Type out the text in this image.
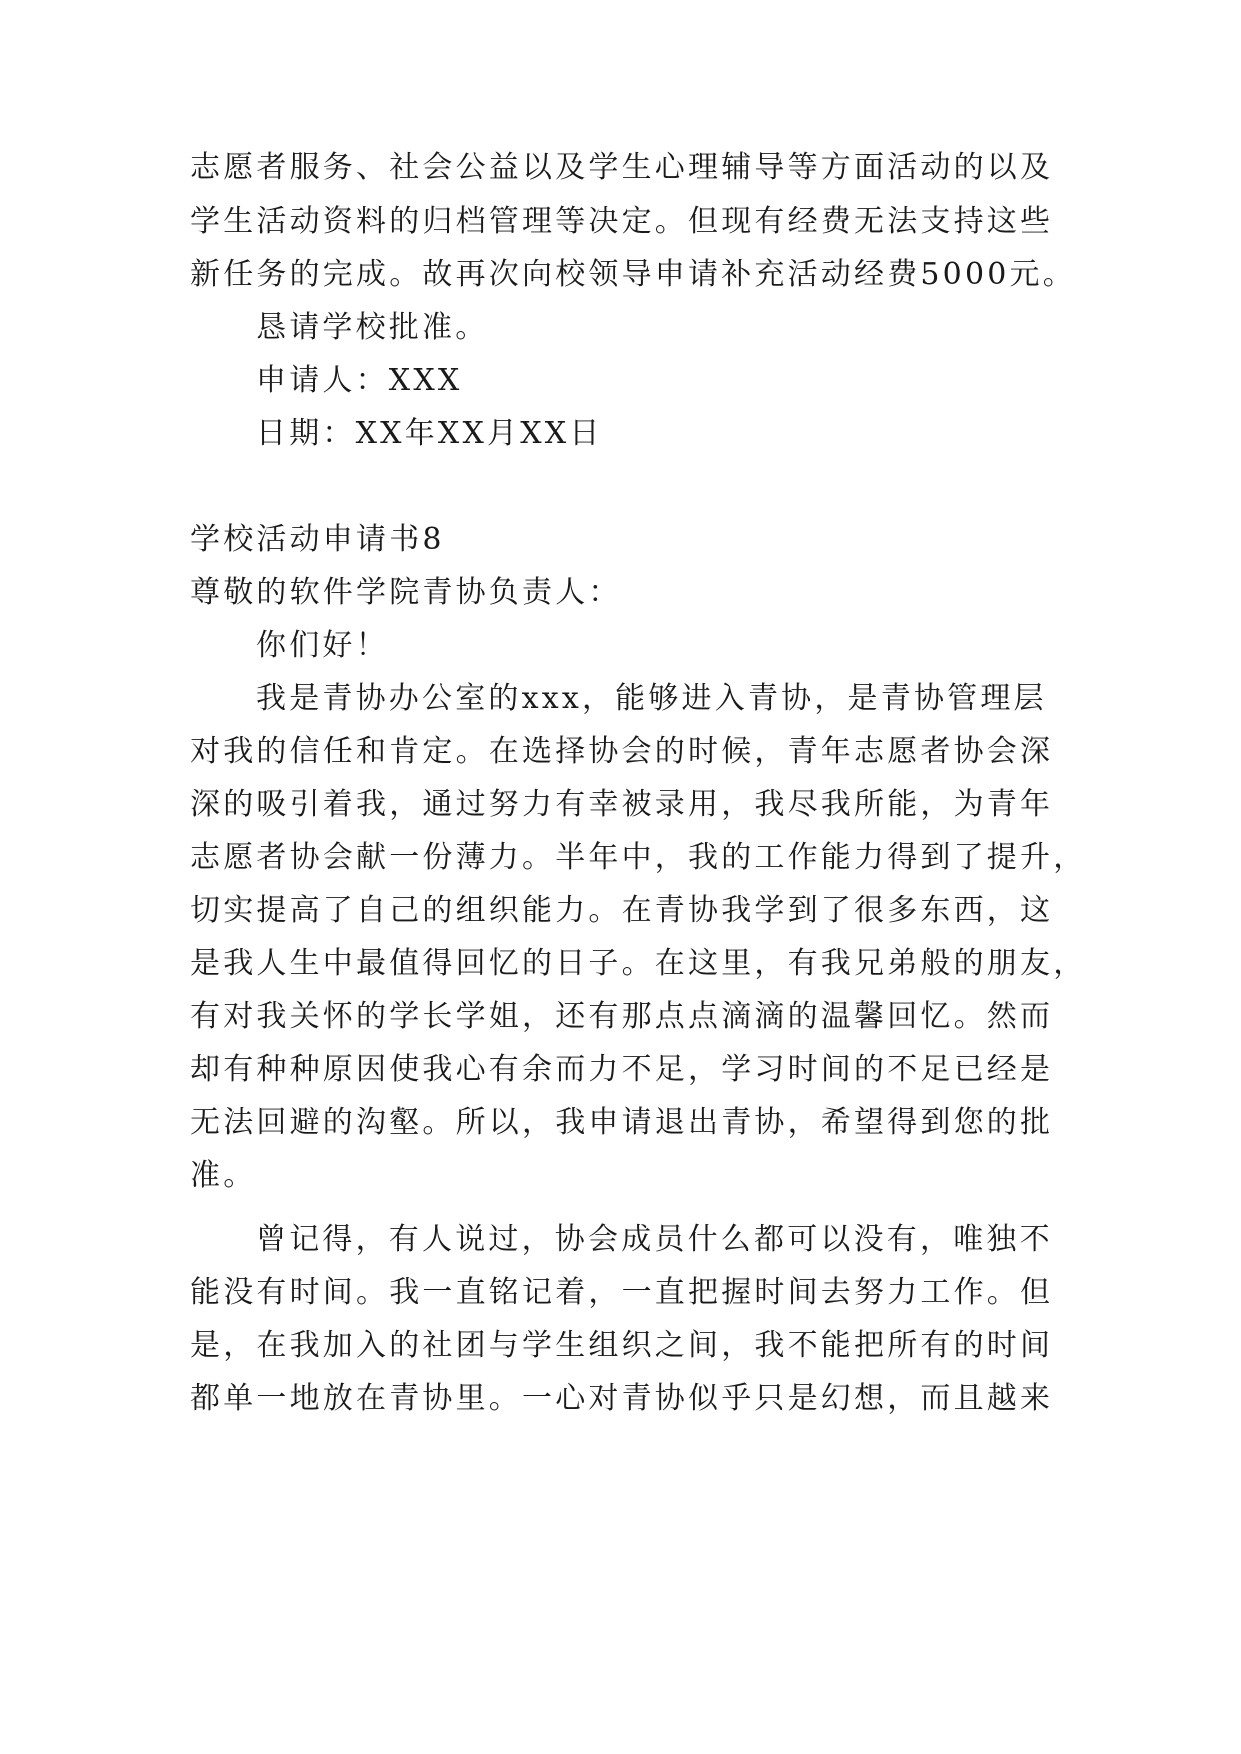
志愿者服务、社会公益以及学生心理辅导等方面活动的以及
学生活动资料的归档管理等决定。但现有经费无法支持这些
新任务的完成。故再次向校领导申请补充活动经费5000元。
恳请学校批准。
申请人：XXX
日期：XX年XX月XX日
学校活动申请书8
尊敬的软件学院青协负责人：
你们好！
我是青协办公室的xxx，能够进入青协，是青协管理层
对我的信任和肯定。在选择协会的时候，青年志愿者协会深
深的吸引着我，通过努力有幸被录用，我尽我所能，为青年
志愿者协会献一份薄力。半年中，我的工作能力得到了提升，
切实提高了自己的组织能力。在青协我学到了很多东西，这
是我人生中最值得回忆的日子。在这里，有我兄弟般的朋友，
有对我关怀的学长学姐，还有那点点滴滴的温馨回忆。然而
却有种种原因使我心有余而力不足，学习时间的不足已经是
无法回避的沟壑。所以，我申请退出青协，希望得到您的批
准。
曾记得，有人说过，协会成员什么都可以没有，唯独不
能没有时间。我一直铭记着，一直把握时间去努力工作。但
是，在我加入的社团与学生组织之间，我不能把所有的时间
都单一地放在青协里。一心对青协似乎只是幻想，而且越来
